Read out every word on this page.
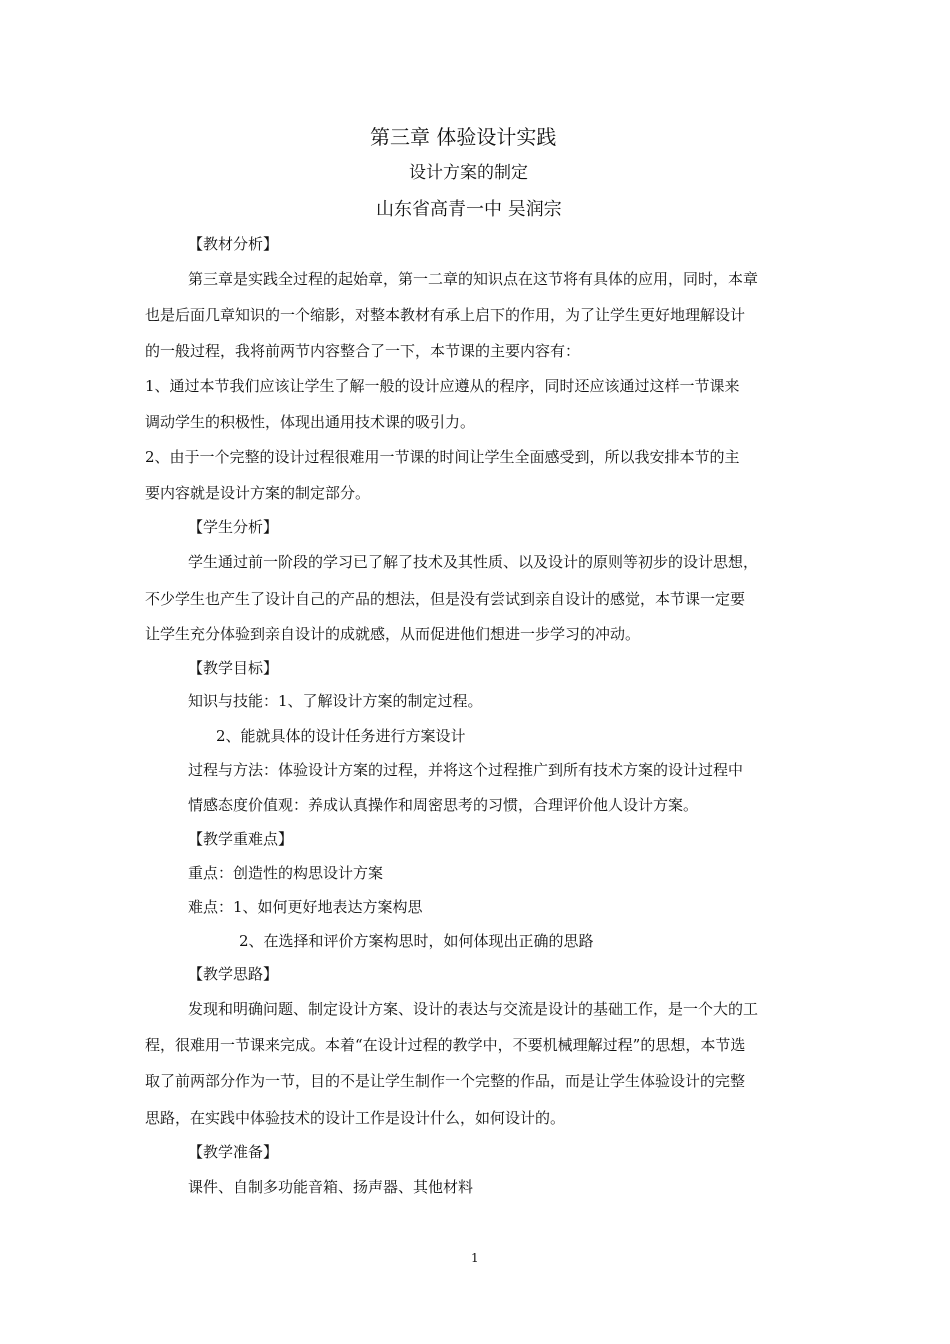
第三章 体验设计实践
设计方案的制定
山东省高青一中 吴润宗
【教材分析】
第三章是实践全过程的起始章，第一二章的知识点在这节将有具体的应用，同时，本章
也是后面几章知识的一个缩影，对整本教材有承上启下的作用，为了让学生更好地理解设计
的一般过程，我将前两节内容整合了一下，本节课的主要内容有：
1、通过本节我们应该让学生了解一般的设计应遵从的程序，同时还应该通过这样一节课来
调动学生的积极性，体现出通用技术课的吸引力。
2、由于一个完整的设计过程很难用一节课的时间让学生全面感受到，所以我安排本节的主
要内容就是设计方案的制定部分。
【学生分析】
学生通过前一阶段的学习已了解了技术及其性质、以及设计的原则等初步的设计思想，
不少学生也产生了设计自己的产品的想法，但是没有尝试到亲自设计的感觉，本节课一定要
让学生充分体验到亲自设计的成就感，从而促进他们想进一步学习的冲动。
【教学目标】
知识与技能：1、了解设计方案的制定过程。
2、能就具体的设计任务进行方案设计
过程与方法：体验设计方案的过程，并将这个过程推广到所有技术方案的设计过程中
情感态度价值观：养成认真操作和周密思考的习惯，合理评价他人设计方案。
【教学重难点】
重点：创造性的构思设计方案
难点：1、如何更好地表达方案构思
2、在选择和评价方案构思时，如何体现出正确的思路
【教学思路】
发现和明确问题、制定设计方案、设计的表达与交流是设计的基础工作，是一个大的工
程，很难用一节课来完成。本着“在设计过程的教学中，不要机械理解过程”的思想，本节选
取了前两部分作为一节，目的不是让学生制作一个完整的作品，而是让学生体验设计的完整
思路，在实践中体验技术的设计工作是设计什么，如何设计的。
【教学准备】
课件、自制多功能音箱、扬声器、其他材料
1
